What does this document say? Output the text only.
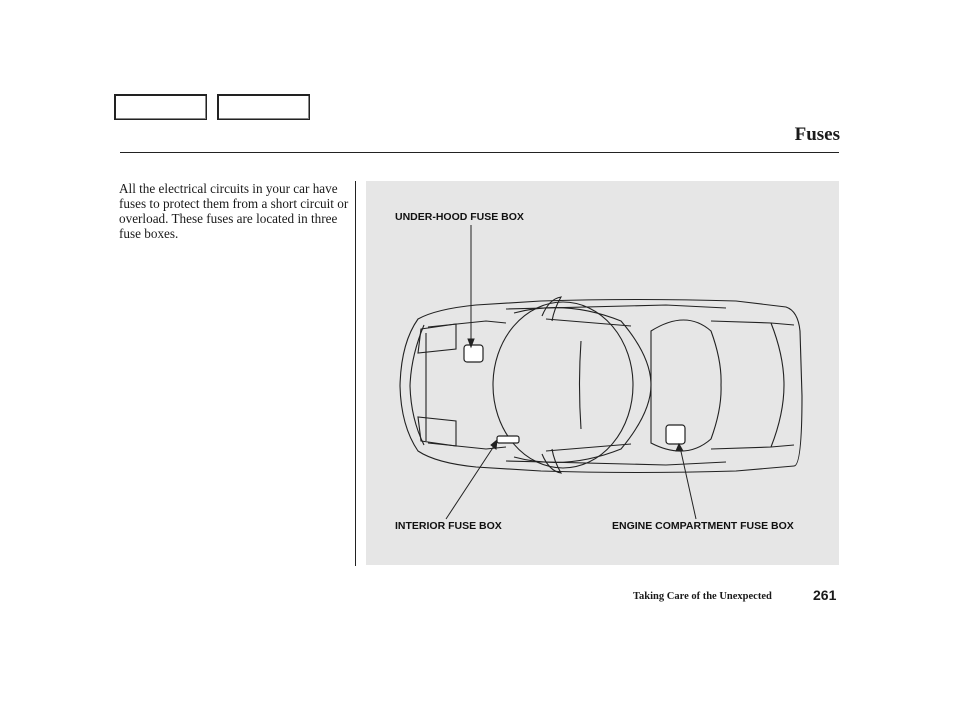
Fuses
All the electrical circuits in your car have fuses to protect them from a short circuit or overload. These fuses are located in three fuse boxes.
UNDER-HOOD FUSE BOX
INTERIOR FUSE BOX	ENGINE COMPARTMENT FUSE BOX
Taking Care of the Unexpected	261
